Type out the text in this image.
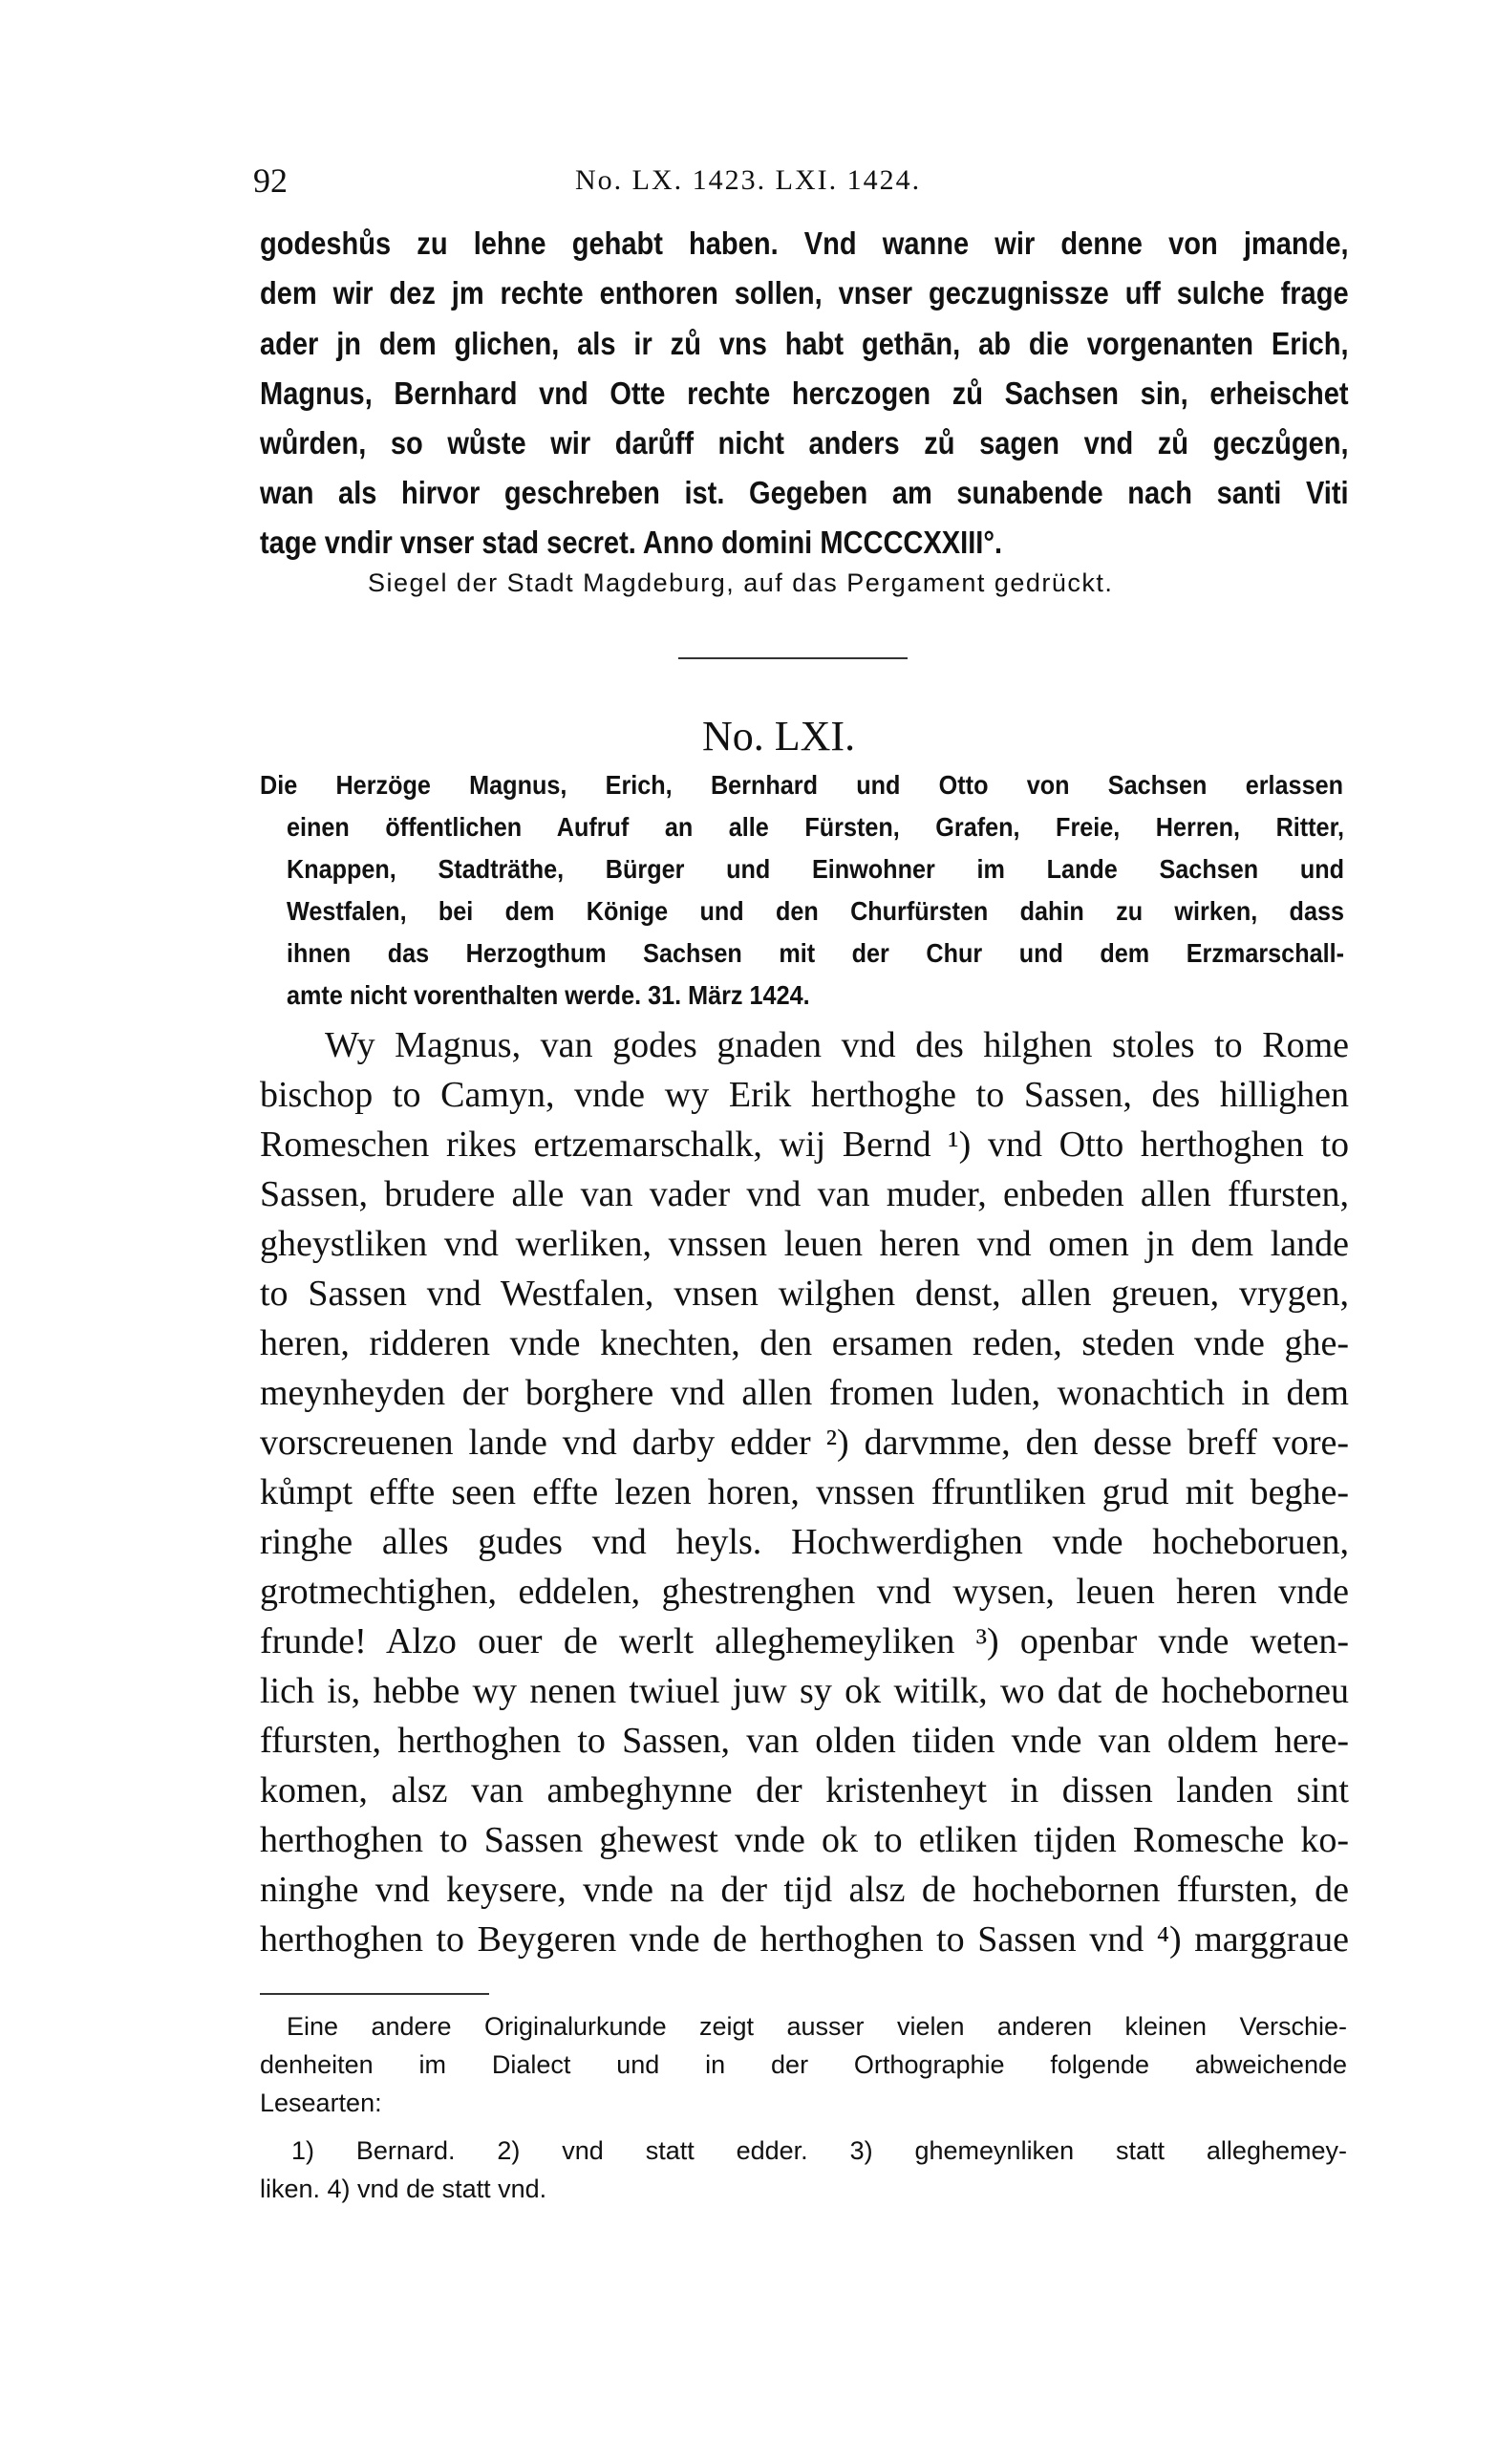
92	No. LX. 1423. LXI. 1424.
godeshůs zu lehne gehabt haben. Vnd wanne wir denne von jmande,
dem wir dez jm rechte enthoren sollen, vnser geczugnissze uff sulche frage
ader jn dem glichen, als ir zů vns habt gethān, ab die vorgenanten Erich,
Magnus, Bernhard vnd Otte rechte herczogen zů Sachsen sin, erheischet
wůrden, so wůste wir darůff nicht anders zů sagen vnd zů geczůgen,
wan als hirvor geschreben ist. Gegeben am sunabende nach santi Viti
tage vndir vnser stad secret. Anno domini MCCCCXXIII°.
Siegel der Stadt Magdeburg, auf das Pergament gedrückt.
No. LXI.
Die Herzöge Magnus, Erich, Bernhard und Otto von Sachsen erlassen
einen öffentlichen Aufruf an alle Fürsten, Grafen, Freie, Herren, Ritter,
Knappen, Stadträthe, Bürger und Einwohner im Lande Sachsen und
Westfalen, bei dem Könige und den Churfürsten dahin zu wirken, dass
ihnen das Herzogthum Sachsen mit der Chur und dem Erzmarschall-
amte nicht vorenthalten werde. 31. März 1424.
Wy Magnus, van godes gnaden vnd des hilghen stoles to Rome
bischop to Camyn, vnde wy Erik herthoghe to Sassen, des hillighen
Romeschen rikes ertzemarschalk, wij Bernd ¹) vnd Otto herthoghen to
Sassen, brudere alle van vader vnd van muder, enbeden allen ffursten,
gheystliken vnd werliken, vnssen leuen heren vnd omen jn dem lande
to Sassen vnd Westfalen, vnsen wilghen denst, allen greuen, vrygen,
heren, ridderen vnde knechten, den ersamen reden, steden vnde ghe-
meynheyden der borghere vnd allen fromen luden, wonachtich in dem
vorscreuenen lande vnd darby edder ²) darvmme, den desse breff vore-
kůmpt effte seen effte lezen horen, vnssen ffruntliken grud mit beghe-
ringhe alles gudes vnd heyls. Hochwerdighen vnde hocheboruen,
grotmechtighen, eddelen, ghestrenghen vnd wysen, leuen heren vnde
frunde! Alzo ouer de werlt alleghemeyliken ³) openbar vnde weten-
lich is, hebbe wy nenen twiuel juw sy ok witilk, wo dat de hocheborneu
ffursten, herthoghen to Sassen, van olden tiiden vnde van oldem here-
komen, alsz van ambeghynne der kristenheyt in dissen landen sint
herthoghen to Sassen ghewest vnde ok to etliken tijden Romesche ko-
ninghe vnd keysere, vnde na der tijd alsz de hochebornen ffursten, de
herthoghen to Beygeren vnde de herthoghen to Sassen vnd ⁴) marggraue
Eine andere Originalurkunde zeigt ausser vielen anderen kleinen Verschie-
denheiten im Dialect und in der Orthographie folgende abweichende
Lesearten:
1) Bernard. 2) vnd statt edder. 3) ghemeynliken statt alleghemey-
liken. 4) vnd de statt vnd.
